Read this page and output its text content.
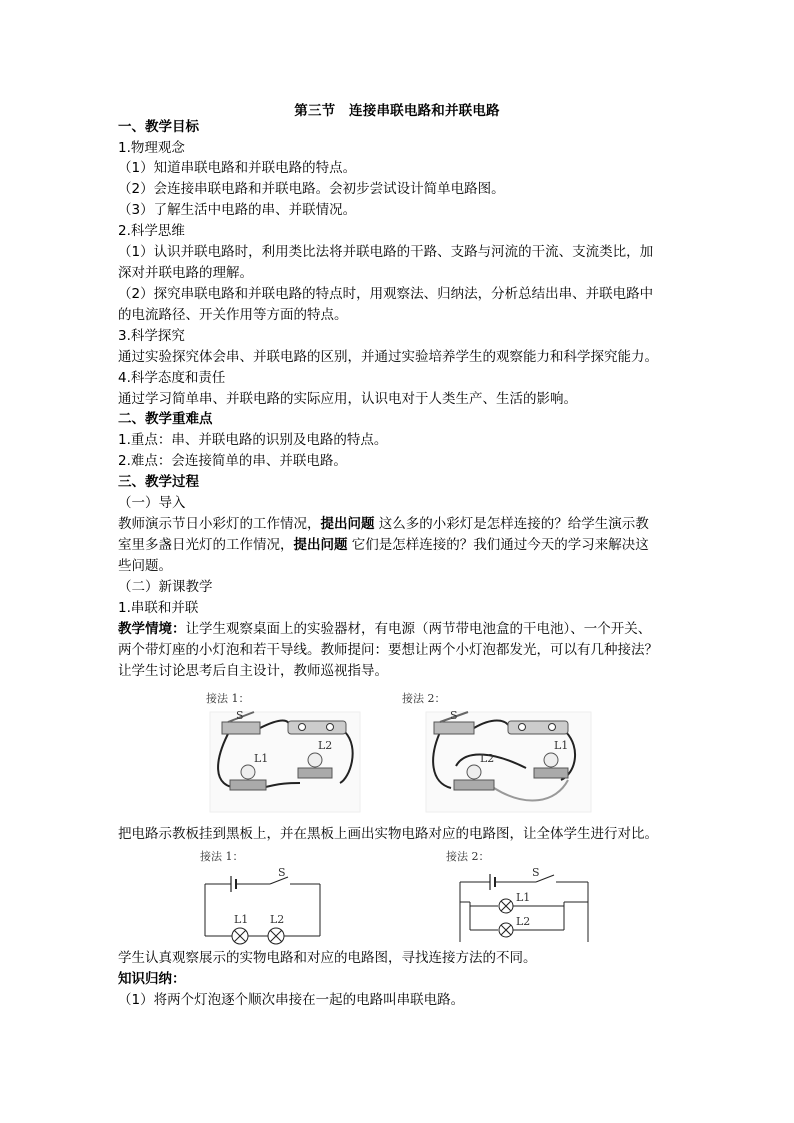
第三节　连接串联电路和并联电路
一、教学目标
1.物理观念
（1）知道串联电路和并联电路的特点。
（2）会连接串联电路和并联电路。会初步尝试设计简单电路图。
（3）了解生活中电路的串、并联情况。
2.科学思维
（1）认识并联电路时，利用类比法将并联电路的干路、支路与河流的干流、支流类比，加
深对并联电路的理解。
（2）探究串联电路和并联电路的特点时，用观察法、归纳法，分析总结出串、并联电路中
的电流路径、开关作用等方面的特点。
3.科学探究
通过实验探究体会串、并联电路的区别，并通过实验培养学生的观察能力和科学探究能力。
4.科学态度和责任
通过学习简单串、并联电路的实际应用，认识电对于人类生产、生活的影响。
二、教学重难点
1.重点：串、并联电路的识别及电路的特点。
2.难点：会连接简单的串、并联电路。
三、教学过程
（一）导入
教师演示节日小彩灯的工作情况，提出问题 这么多的小彩灯是怎样连接的？给学生演示教
室里多盏日光灯的工作情况，提出问题 它们是怎样连接的？我们通过今天的学习来解决这
些问题。
（二）新课教学
1.串联和并联
教学情境：让学生观察桌面上的实验器材，有电源（两节带电池盒的干电池）、一个开关、
两个带灯座的小灯泡和若干导线。教师提问：要想让两个小灯泡都发光，可以有几种接法？
让学生讨论思考后自主设计，教师巡视指导。
接法 1：
S
L1
L2
接法 2：
S
L2
L1
把电路示教板挂到黑板上，并在黑板上画出实物电路对应的电路图，让全体学生进行对比。
接法 1：
S
L1 L2
接法 2：
S
L1
L2
学生认真观察展示的实物电路和对应的电路图，寻找连接方法的不同。
知识归纳：
（1）将两个灯泡逐个顺次串接在一起的电路叫串联电路。
